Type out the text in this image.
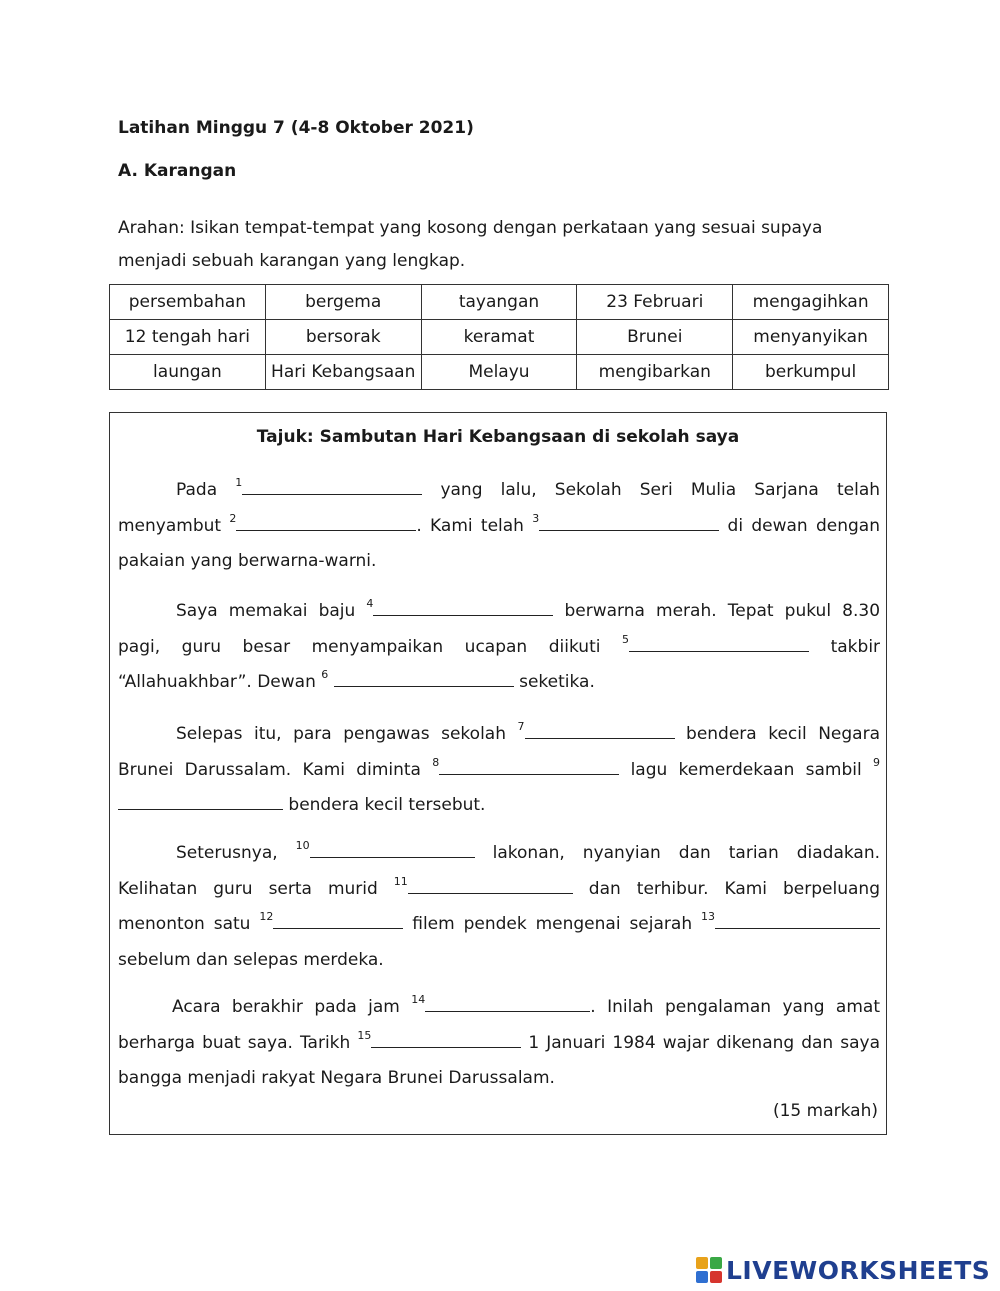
Latihan Minggu 7 (4-8 Oktober 2021)
A. Karangan
Arahan: Isikan tempat-tempat yang kosong dengan perkataan yang sesuai supaya menjadi sebuah karangan yang lengkap.
persembahan	bergema	tayangan	23 Februari	mengagihkan
12 tengah hari	bersorak	keramat	Brunei	menyanyikan
laungan	Hari Kebangsaan	Melayu	mengibarkan	berkumpul
Tajuk: Sambutan Hari Kebangsaan di sekolah saya
Pada $^1$	yang lalu, Sekolah Seri Mulia Sarjana telah menyambut $^2$	. Kami telah $^3$	di dewan dengan pakaian yang berwarna-warni.
Saya memakai baju $^4$	berwarna merah. Tepat pukul 8.30 pagi, guru besar menyampaikan ucapan diikuti $^5$	takbir “Allahuakhbar”. Dewan $^6$	seketika.
Selepas itu, para pengawas sekolah $^7$	bendera kecil Negara Brunei Darussalam. Kami diminta $^8$	lagu kemerdekaan sambil $^9$ bendera kecil tersebut.
Seterusnya, $^{10}$	lakonan, nyanyian dan tarian diadakan. Kelihatan guru serta murid $^{11}$	dan terhibur. Kami berpeluang menonton satu $^{12}$	filem pendek mengenai sejarah $^{13}$ sebelum dan selepas merdeka.
Acara berakhir pada jam $^{14}$	. Inilah pengalaman yang amat berharga buat saya. Tarikh $^{15}$	1 Januari 1984 wajar dikenang dan saya bangga menjadi rakyat Negara Brunei Darussalam.
(15 markah)
LIVEWORKSHEETS
